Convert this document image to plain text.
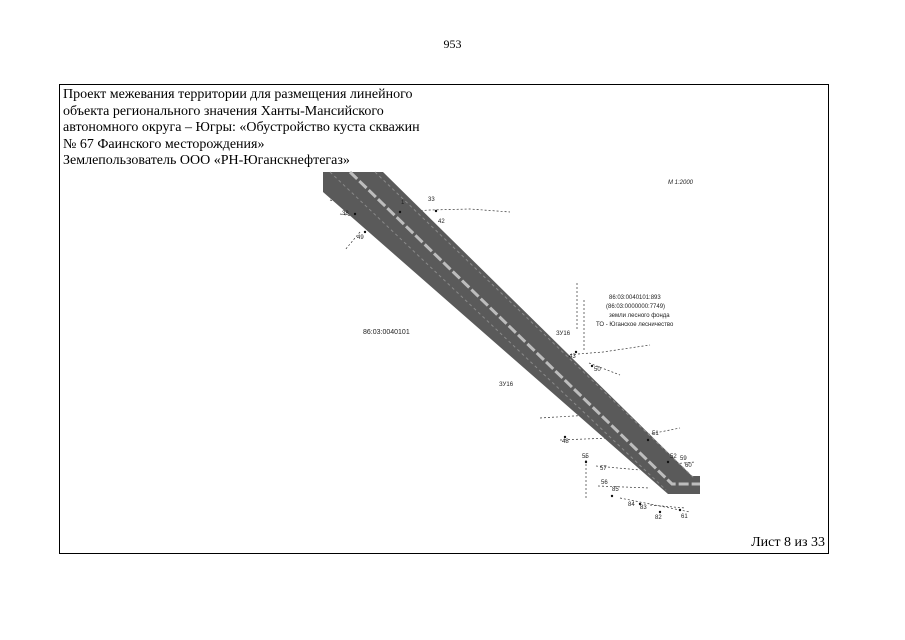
953
Проект межевания территории для размещения линейного
объекта регионального значения Ханты-Мансийского
автономного округа – Югры: «Обустройство куста скважин
№ 67 Фаинского месторождения»
Землепользователь ООО «РН-Юганскнефтегаз»
Лист 8 из 33
М 1:2000
86:03:0040101
86:03:0040101:893
(86:03:0000000:7749)
земли лесного фонда
ТО - Юганское лесничество
ЗУ16
ЗУ16
1	33
38
42
49
43
50
48
51
52 59
60
55
57
56
85
84 83
82	61
